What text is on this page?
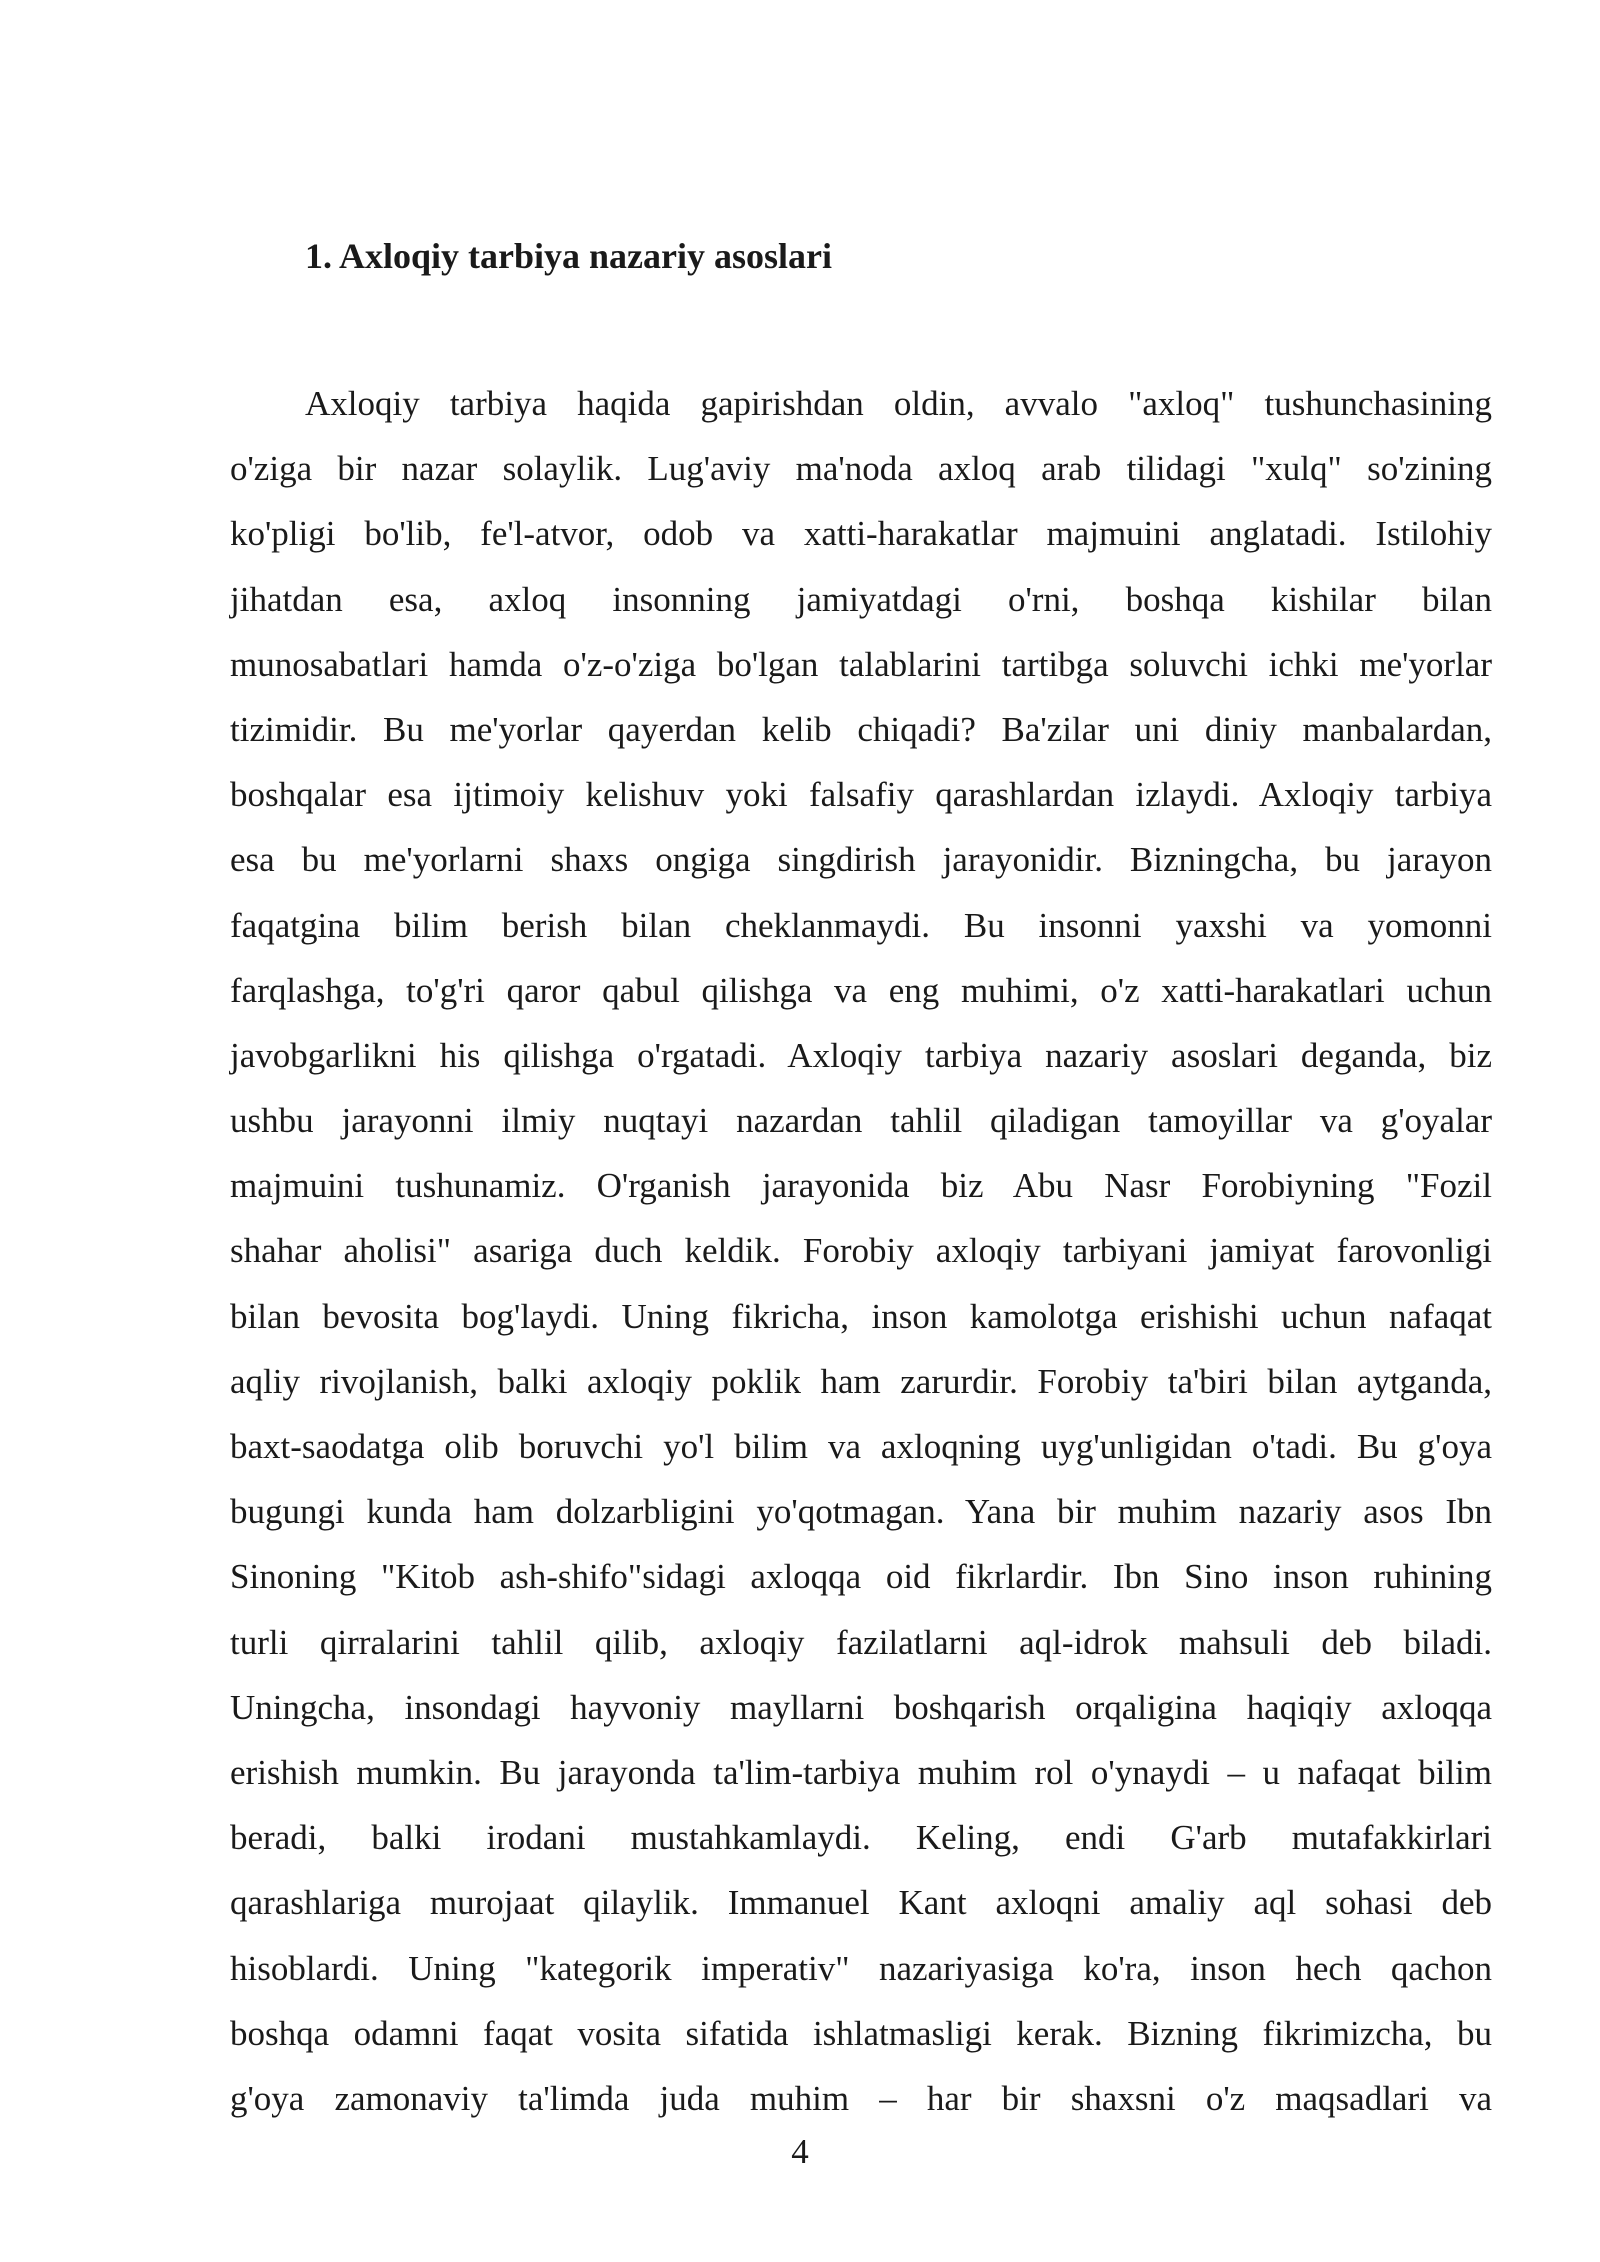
1. Axloqiy tarbiya nazariy asoslari
Axloqiy tarbiya haqida gapirishdan oldin, avvalo "axloq" tushunchasining
o'ziga bir nazar solaylik. Lug'aviy ma'noda axloq arab tilidagi "xulq" so'zining
ko'pligi bo'lib, fe'l-atvor, odob va xatti-harakatlar majmuini anglatadi. Istilohiy
jihatdan esa, axloq insonning jamiyatdagi o'rni, boshqa kishilar bilan
munosabatlari hamda o'z-o'ziga bo'lgan talablarini tartibga soluvchi ichki me'yorlar
tizimidir. Bu me'yorlar qayerdan kelib chiqadi? Ba'zilar uni diniy manbalardan,
boshqalar esa ijtimoiy kelishuv yoki falsafiy qarashlardan izlaydi. Axloqiy tarbiya
esa bu me'yorlarni shaxs ongiga singdirish jarayonidir. Bizningcha, bu jarayon
faqatgina bilim berish bilan cheklanmaydi. Bu insonni yaxshi va yomonni
farqlashga, to'g'ri qaror qabul qilishga va eng muhimi, o'z xatti-harakatlari uchun
javobgarlikni his qilishga o'rgatadi. Axloqiy tarbiya nazariy asoslari deganda, biz
ushbu jarayonni ilmiy nuqtayi nazardan tahlil qiladigan tamoyillar va g'oyalar
majmuini tushunamiz. O'rganish jarayonida biz Abu Nasr Forobiyning "Fozil
shahar aholisi" asariga duch keldik. Forobiy axloqiy tarbiyani jamiyat farovonligi
bilan bevosita bog'laydi. Uning fikricha, inson kamolotga erishishi uchun nafaqat
aqliy rivojlanish, balki axloqiy poklik ham zarurdir. Forobiy ta'biri bilan aytganda,
baxt-saodatga olib boruvchi yo'l bilim va axloqning uyg'unligidan o'tadi. Bu g'oya
bugungi kunda ham dolzarbligini yo'qotmagan. Yana bir muhim nazariy asos Ibn
Sinoning "Kitob ash-shifo"sidagi axloqqa oid fikrlardir. Ibn Sino inson ruhining
turli qirralarini tahlil qilib, axloqiy fazilatlarni aql-idrok mahsuli deb biladi.
Uningcha, insondagi hayvoniy mayllarni boshqarish orqaligina haqiqiy axloqqa
erishish mumkin. Bu jarayonda ta'lim-tarbiya muhim rol o'ynaydi – u nafaqat bilim
beradi, balki irodani mustahkamlaydi. Keling, endi G'arb mutafakkirlari
qarashlariga murojaat qilaylik. Immanuel Kant axloqni amaliy aql sohasi deb
hisoblardi. Uning "kategorik imperativ" nazariyasiga ko'ra, inson hech qachon
boshqa odamni faqat vosita sifatida ishlatmasligi kerak. Bizning fikrimizcha, bu
g'oya zamonaviy ta'limda juda muhim – har bir shaxsni o'z maqsadlari va
4
